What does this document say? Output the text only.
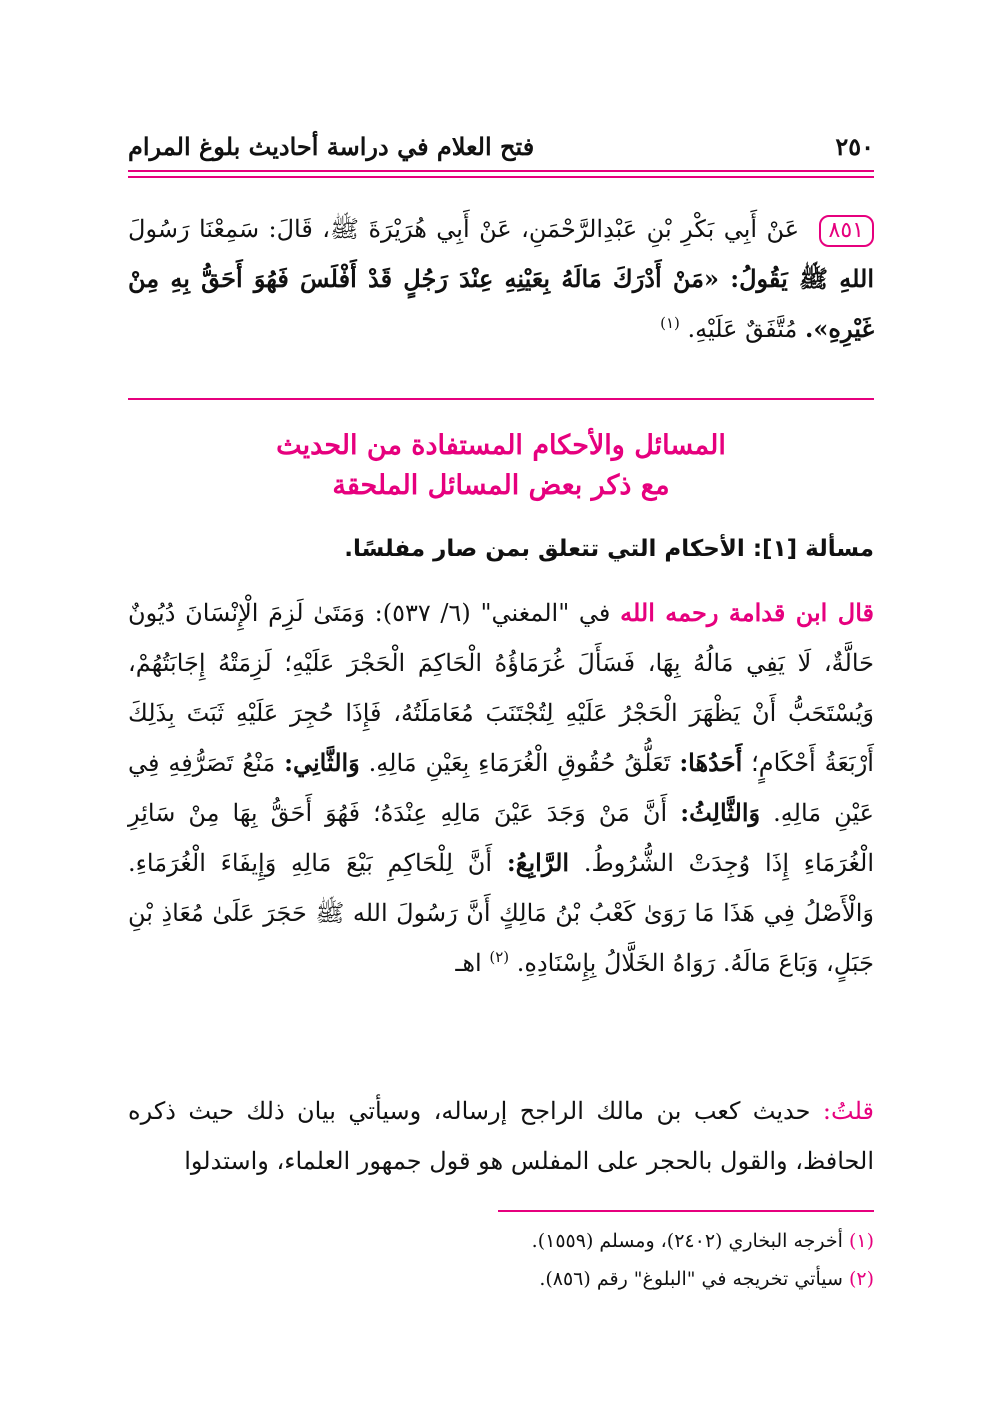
٢٥٠
فتح العلام في دراسة أحاديث بلوغ المرام
٨٥١ عَنْ أَبِي بَكْرِ بْنِ عَبْدِالرَّحْمَنِ، عَنْ أَبِي هُرَيْرَةَ ﷺ، قَالَ: سَمِعْنَا رَسُولَ اللهِ ﷺ يَقُولُ: «مَنْ أَدْرَكَ مَالَهُ بِعَيْنِهِ عِنْدَ رَجُلٍ قَدْ أَفْلَسَ فَهُوَ أَحَقُّ بِهِ مِنْ غَيْرِهِ». مُتَّفَقٌ عَلَيْهِ. $^{(١)}$
المسائل والأحكام المستفادة من الحديث
مع ذكر بعض المسائل الملحقة
مسألة [١]: الأحكام التي تتعلق بمن صار مفلسًا.
قال ابن قدامة رحمه الله في "المغني" (٦/ ٥٣٧): وَمَتَىٰ لَزِمَ الْإِنْسَانَ دُيُونٌ حَالَّةٌ، لَا يَفِي مَالُهُ بِهَا، فَسَأَلَ غُرَمَاؤُهُ الْحَاكِمَ الْحَجْرَ عَلَيْهِ؛ لَزِمَتْهُ إِجَابَتُهُمْ، وَيُسْتَحَبُّ أَنْ يَظْهَرَ الْحَجْرُ عَلَيْهِ لِتُجْتَنَبَ مُعَامَلَتُهُ، فَإِذَا حُجِرَ عَلَيْهِ ثَبَتَ بِذَلِكَ أَرْبَعَةُ أَحْكَامٍ؛ أَحَدُهَا: تَعَلُّقُ حُقُوقِ الْغُرَمَاءِ بِعَيْنِ مَالِهِ. وَالثَّانِي: مَنْعُ تَصَرُّفِهِ فِي عَيْنِ مَالِهِ. وَالثَّالِثُ: أَنَّ مَنْ وَجَدَ عَيْنَ مَالِهِ عِنْدَهُ؛ فَهُوَ أَحَقُّ بِهَا مِنْ سَائِرِ الْغُرَمَاءِ إِذَا وُجِدَتْ الشُّرُوطُ. الرَّابِعُ: أَنَّ لِلْحَاكِمِ بَيْعَ مَالِهِ وَإِيفَاءَ الْغُرَمَاءِ. وَالْأَصْلُ فِي هَذَا مَا رَوَىٰ كَعْبُ بْنُ مَالِكٍ أَنَّ رَسُولَ الله ﷺ حَجَرَ عَلَىٰ مُعَاذِ بْنِ جَبَلٍ، وَبَاعَ مَالَهُ. رَوَاهُ الخَلَّالُ بِإِسْنَادِهِ. $^{(٢)}$ اهـ
قلتُ: حديث كعب بن مالك الراجح إرساله، وسيأتي بيان ذلك حيث ذكره الحافظ، والقول بالحجر على المفلس هو قول جمهور العلماء، واستدلوا
(١) أخرجه البخاري (٢٤٠٢)، ومسلم (١٥٥٩).
(٢) سيأتي تخريجه في "البلوغ" رقم (٨٥٦).
